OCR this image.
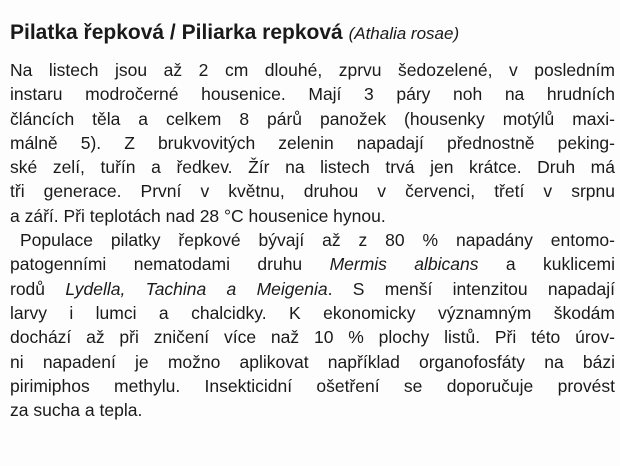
Pilatka řepková / Piliarka repková (Athalia rosae)
Na listech jsou až 2 cm dlouhé, zprvu šedozelené, v posledním
instaru modročerné housenice. Mají 3 páry noh na hrudních
článcích těla a celkem 8 párů panožek (housenky motýlů maxi-
málně 5). Z brukvovitých zelenin napadají přednostně peking-
ské zelí, tuřín a ředkev. Žír na listech trvá jen krátce. Druh má
tři generace. První v květnu, druhou v červenci, třetí v srpnu
a září. Při teplotách nad 28 °C housenice hynou.
Populace pilatky řepkové bývají až z 80 % napadány entomo-
patogenními nematodami druhu Mermis albicans a kuklicemi
rodů Lydella, Tachina a Meigenia. S menší intenzitou napadají
larvy i lumci a chalcidky. K ekonomicky významným škodám
dochází až při zničení více naž 10 % plochy listů. Při této úrov-
ni napadení je možno aplikovat například organofosfáty na bázi
pirimiphos methylu. Insekticidní ošetření se doporučuje provést
za sucha a tepla.
